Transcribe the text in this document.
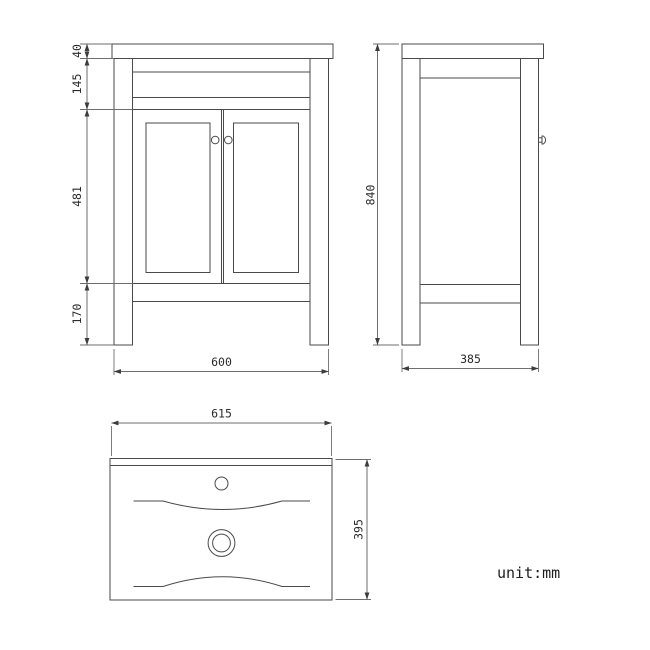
40
145
481
170
600
840
385
615
395
unit:mm
